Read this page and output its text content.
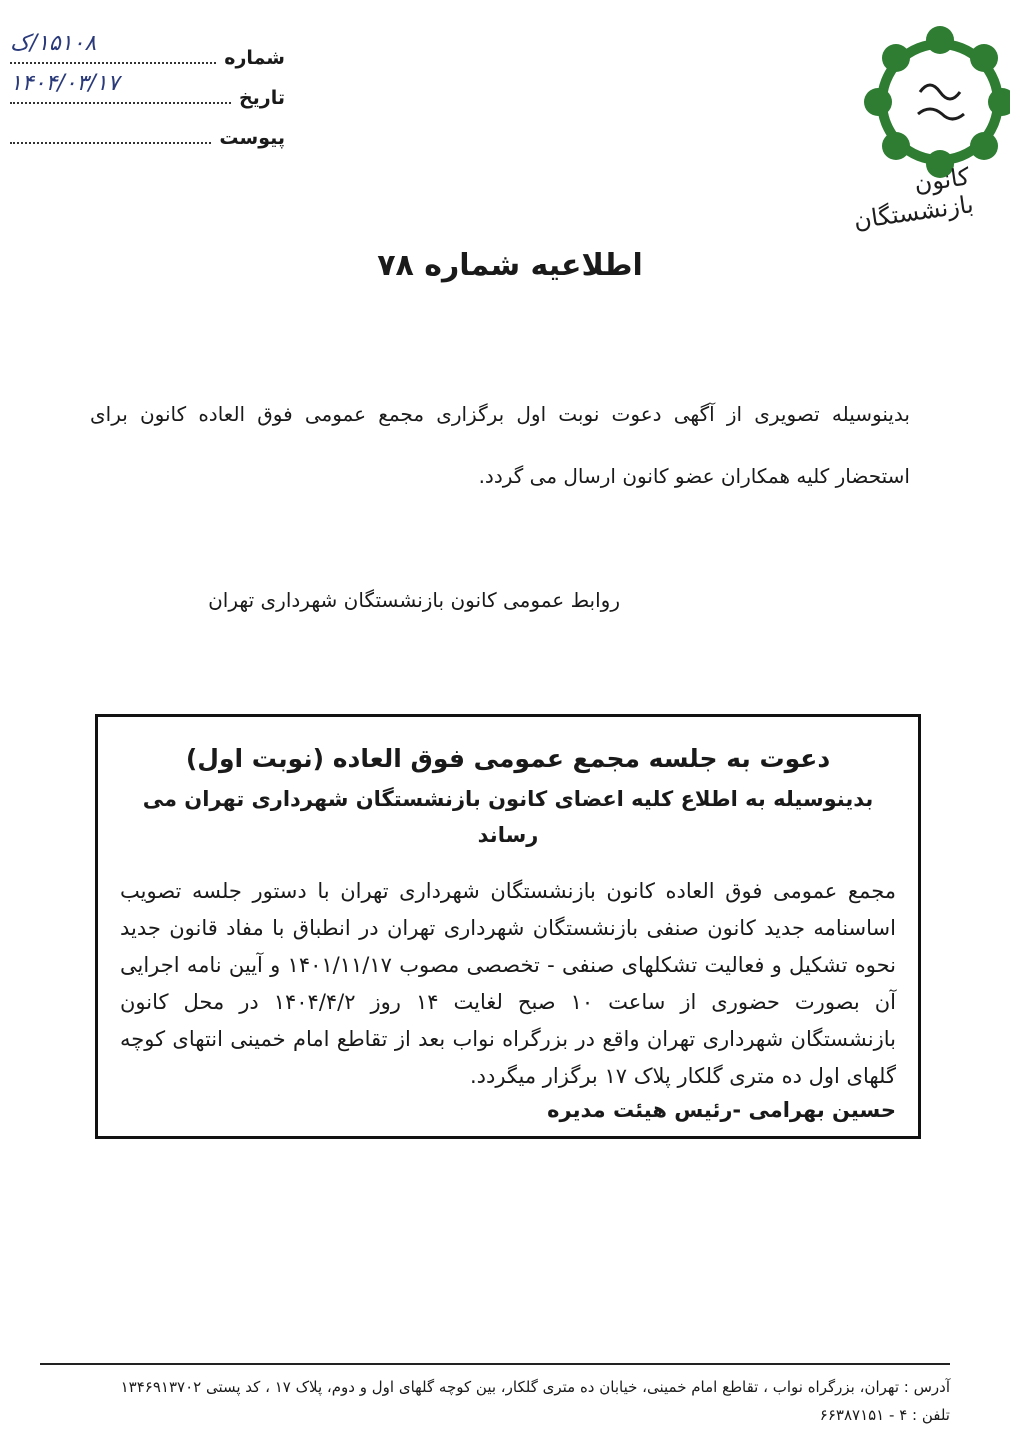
شماره
۱۵۱۰۸/ک
تاریخ
۱۴۰۴/۰۳/۱۷
پیوست
کانون بازنشستگان
اطلاعیه شماره ۷۸
بدینوسیله تصویری از آگهی دعوت نوبت اول برگزاری مجمع عمومی فوق العاده کانون برای استحضار کلیه همکاران عضو کانون ارسال می گردد.
روابط عمومی کانون بازنشستگان شهرداری تهران
دعوت به جلسه مجمع عمومی فوق العاده (نوبت اول)
بدینوسیله به اطلاع کلیه اعضای کانون بازنشستگان شهرداری تهران می رساند
مجمع عمومی فوق العاده کانون بازنشستگان شهرداری تهران با دستور جلسه تصویب اساسنامه جدید کانون صنفی بازنشستگان شهرداری تهران در انطباق با مفاد قانون جدید نحوه تشکیل و فعالیت تشکلهای صنفی - تخصصی مصوب ۱۴۰۱/۱۱/۱۷ و آیین نامه اجرایی آن بصورت حضوری از ساعت ۱۰ صبح لغایت ۱۴ روز ۱۴۰۴/۴/۲ در محل کانون بازنشستگان شهرداری تهران واقع در بزرگراه نواب بعد از تقاطع امام خمینی انتهای کوچه گلهای اول ده متری گلکار پلاک ۱۷ برگزار میگردد.
حسین بهرامی -رئیس هیئت مدیره
آدرس : تهران، بزرگراه نواب ، تقاطع امام خمینی، خیابان ده متری گلکار، بین کوچه گلهای اول و دوم، پلاک ۱۷ ، کد پستی ۱۳۴۶۹۱۳۷۰۲
تلفن : ۴ - ۶۶۳۸۷۱۵۱
